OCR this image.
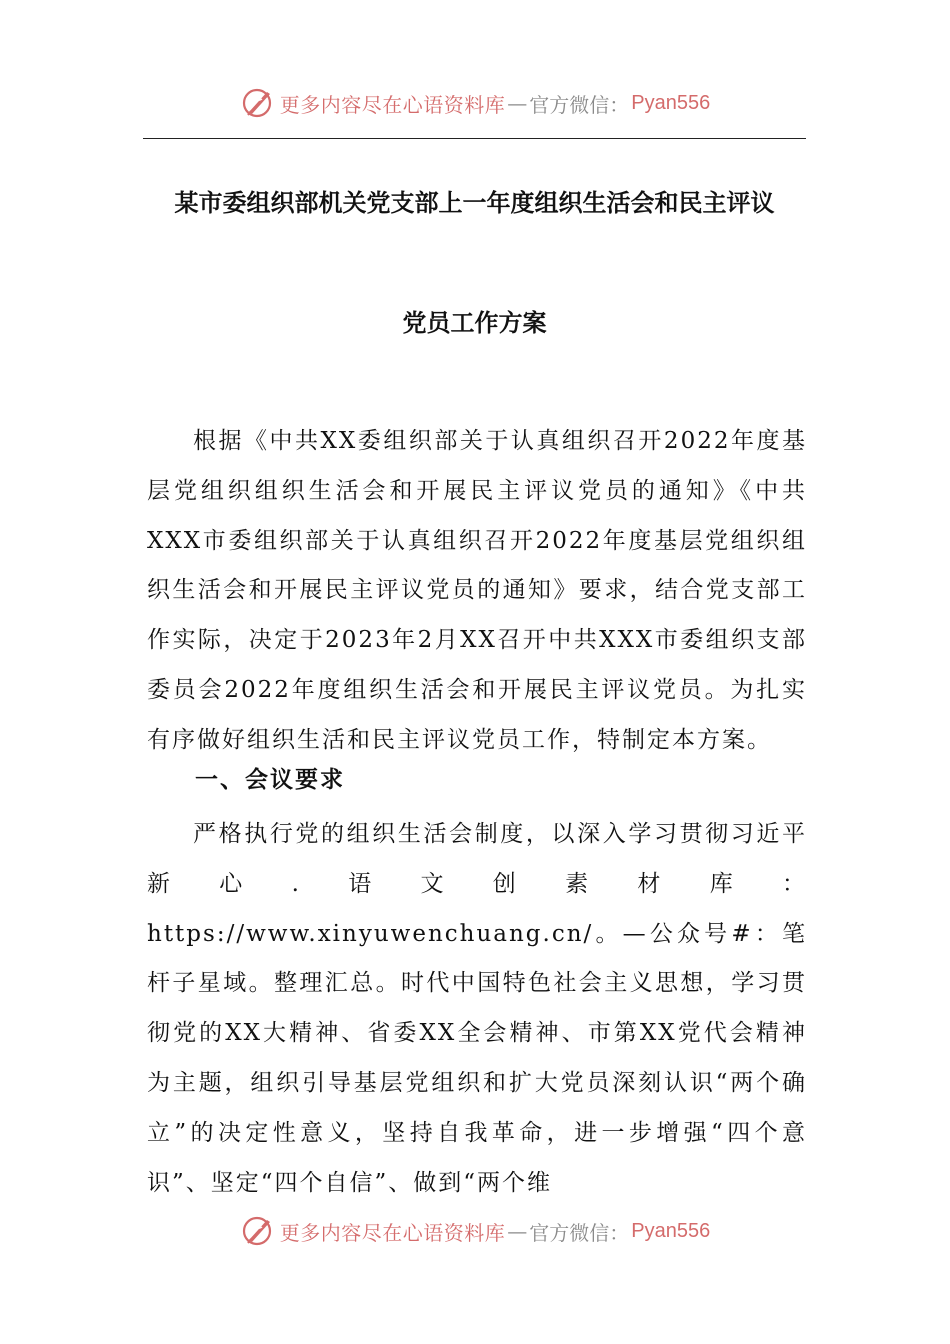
更多内容尽在心语资料库 — 官方微信： Pyan556
某市委组织部机关党支部上一年度组织生活会和民主评议
党员工作方案

根据《中共XX委组织部关于认真组织召开2022年度基层党组织组织生活会和开展民主评议党员的通知》《中共XXX市委组织部关于认真组织召开2022年度基层党组织组织生活会和开展民主评议党员的通知》要求，结合党支部工作实际，决定于2023年2月XX召开中共XXX市委组织支部委员会2022年度组织生活会和开展民主评议党员。为扎实有序做好组织生活和民主评议党员工作，特制定本方案。

一、会议要求

严格执行党的组织生活会制度，以深入学习贯彻习近平新心.语文创素材库：https://www.xinyuwenchuang.cn/。—公众号#：笔杆子星域。整理汇总。时代中国特色社会主义思想，学习贯彻党的XX大精神、省委XX全会精神、市第XX党代会精神为主题，组织引导基层党组织和扩大党员深刻认识“两个确立”的决定性意义，坚持自我革命，进一步增强“四个意识”、坚定“四个自信”、做到“两个维

更多内容尽在心语资料库 — 官方微信： Pyan556
